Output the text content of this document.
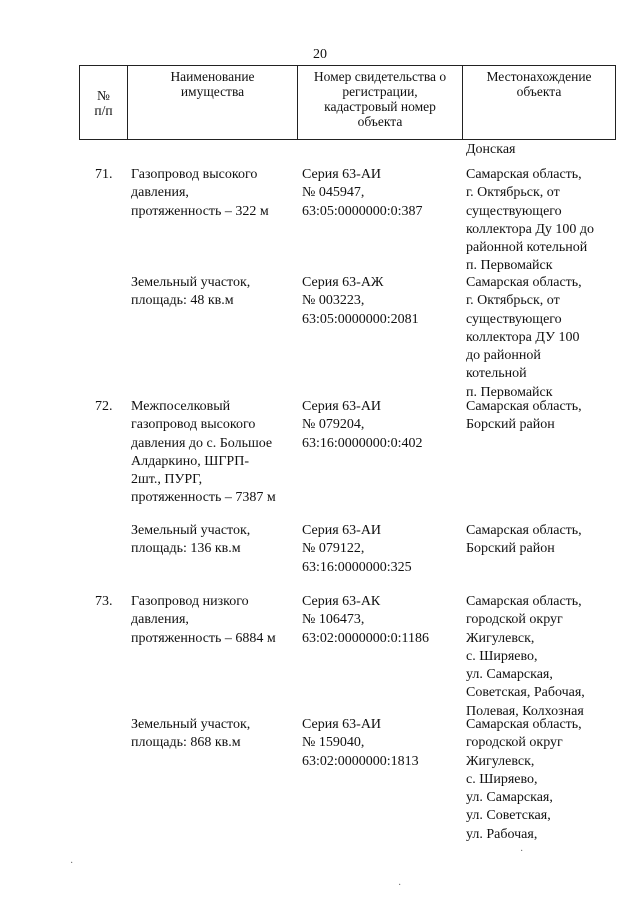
20
№
п/п
Наименование
имущества
Номер свидетельства о
регистрации,
кадастровый номер
объекта
Местонахождение
объекта
Донская
71. Газопровод высокого
давления,
протяженность – 322 м
Серия 63-АИ
№ 045947,
63:05:0000000:0:387
Самарская область,
г. Октябрьск, от
существующего
коллектора Ду 100 до
районной котельной
п. Первомайск
Земельный участок,
площадь: 48 кв.м
Серия 63-АЖ
№ 003223,
63:05:0000000:2081
Самарская область,
г. Октябрьск, от
существующего
коллектора ДУ 100
до районной
котельной
п. Первомайск
72. Межпоселковый
газопровод высокого
давления до с. Большое
Алдаркино, ШГРП-
2шт., ПУРГ,
протяженность – 7387 м
Серия 63-АИ
№ 079204,
63:16:0000000:0:402
Самарская область,
Борский район
Земельный участок,
площадь: 136 кв.м
Серия 63-АИ
№ 079122,
63:16:0000000:325
Самарская область,
Борский район
73. Газопровод низкого
давления,
протяженность – 6884 м
Серия 63-АК
№ 106473,
63:02:0000000:0:1186
Самарская область,
городской округ
Жигулевск,
с. Ширяево,
ул. Самарская,
Советская, Рабочая,
Полевая, Колхозная
Земельный участок,
площадь: 868 кв.м
Серия 63-АИ
№ 159040,
63:02:0000000:1813
Самарская область,
городской округ
Жигулевск,
с. Ширяево,
ул. Самарская,
ул. Советская,
ул. Рабочая,
·
·
·
